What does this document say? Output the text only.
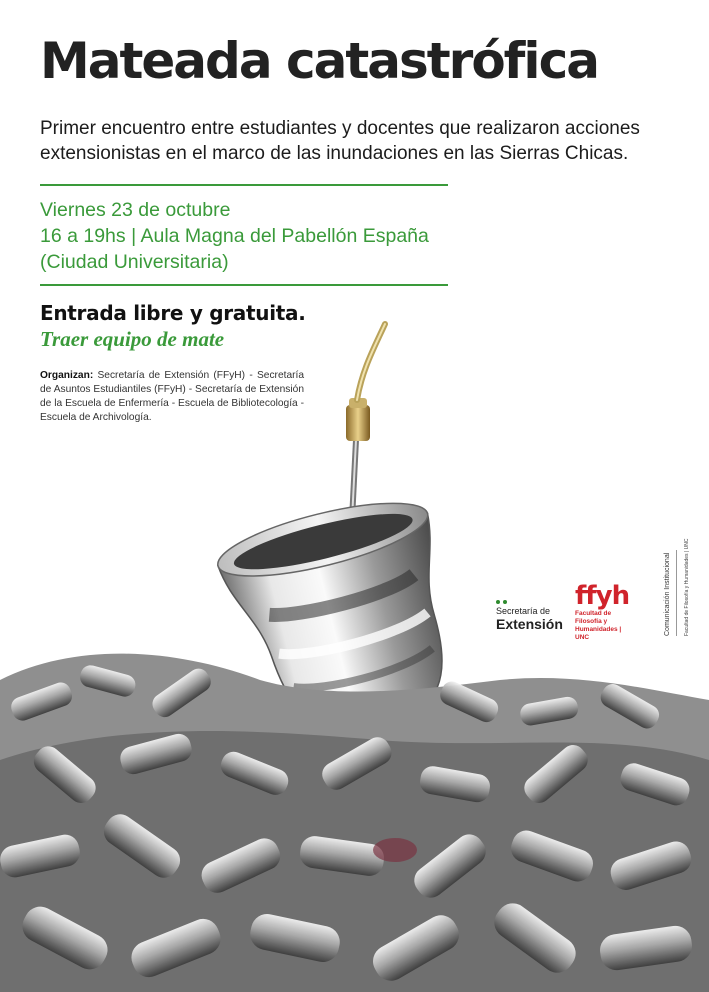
Mateada catastrófica
Primer encuentro entre estudiantes y docentes que realizaron acciones extensionistas en el marco de las inundaciones en las Sierras Chicas.
Viernes 23 de octubre
16 a 19hs | Aula Magna del Pabellón España
(Ciudad Universitaria)
Entrada libre y gratuita.
Traer equipo de mate
Organizan: Secretaría de Extensión (FFyH) - Secretaría de Asuntos Estudiantiles (FFyH) - Secretaría de Extensión de la Escuela de Enfermería - Escuela de Bibliotecología - Escuela de Archivología.
Secretaría de
Extensión
ffyh
Facultad de Filosofía y Humanidades | UNC
Comunicación Institucional	Facultad de Filosofía y Humanidades | UNC
